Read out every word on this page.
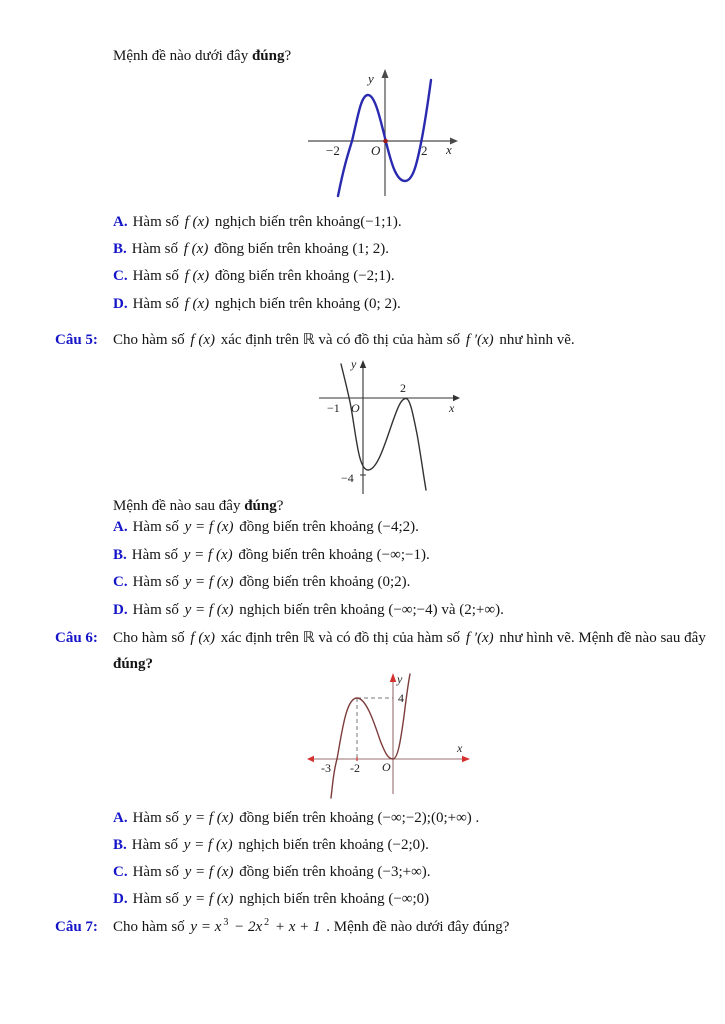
Mệnh đề nào dưới đây đúng?
y
x
−2 O	2
A. Hàm số f (x) nghịch biến trên khoảng(−1;1).
B. Hàm số f (x) đồng biến trên khoảng (1; 2).
C. Hàm số f (x) đồng biến trên khoảng (−2;1).
D. Hàm số f (x) nghịch biến trên khoảng (0; 2).
Câu 5: Cho hàm số f (x) xác định trên ℝ và có đồ thị của hàm số f ′(x) như hình vẽ.
y
x
−1 O
2
−4
Mệnh đề nào sau đây đúng?
A. Hàm số y = f (x) đồng biến trên khoảng (−4;2).
B. Hàm số y = f (x) đồng biến trên khoảng (−∞;−1).
C. Hàm số y = f (x) đồng biến trên khoảng (0;2).
D. Hàm số y = f (x) nghịch biến trên khoảng (−∞;−4) và (2;+∞).
Câu 6: Cho hàm số f (x) xác định trên ℝ và có đồ thị của hàm số f ′(x) như hình vẽ. Mệnh đề nào sau đây
đúng?
y
x
-3 -2 O
4
A. Hàm số y = f (x) đồng biến trên khoảng (−∞;−2);(0;+∞) .
B. Hàm số y = f (x) nghịch biến trên khoảng (−2;0).
C. Hàm số y = f (x) đồng biến trên khoảng (−3;+∞).
D. Hàm số y = f (x) nghịch biến trên khoảng (−∞;0)
Câu 7: Cho hàm số y = x $^3$ − 2x $^2$ + x + 1 . Mệnh đề nào dưới đây đúng?
